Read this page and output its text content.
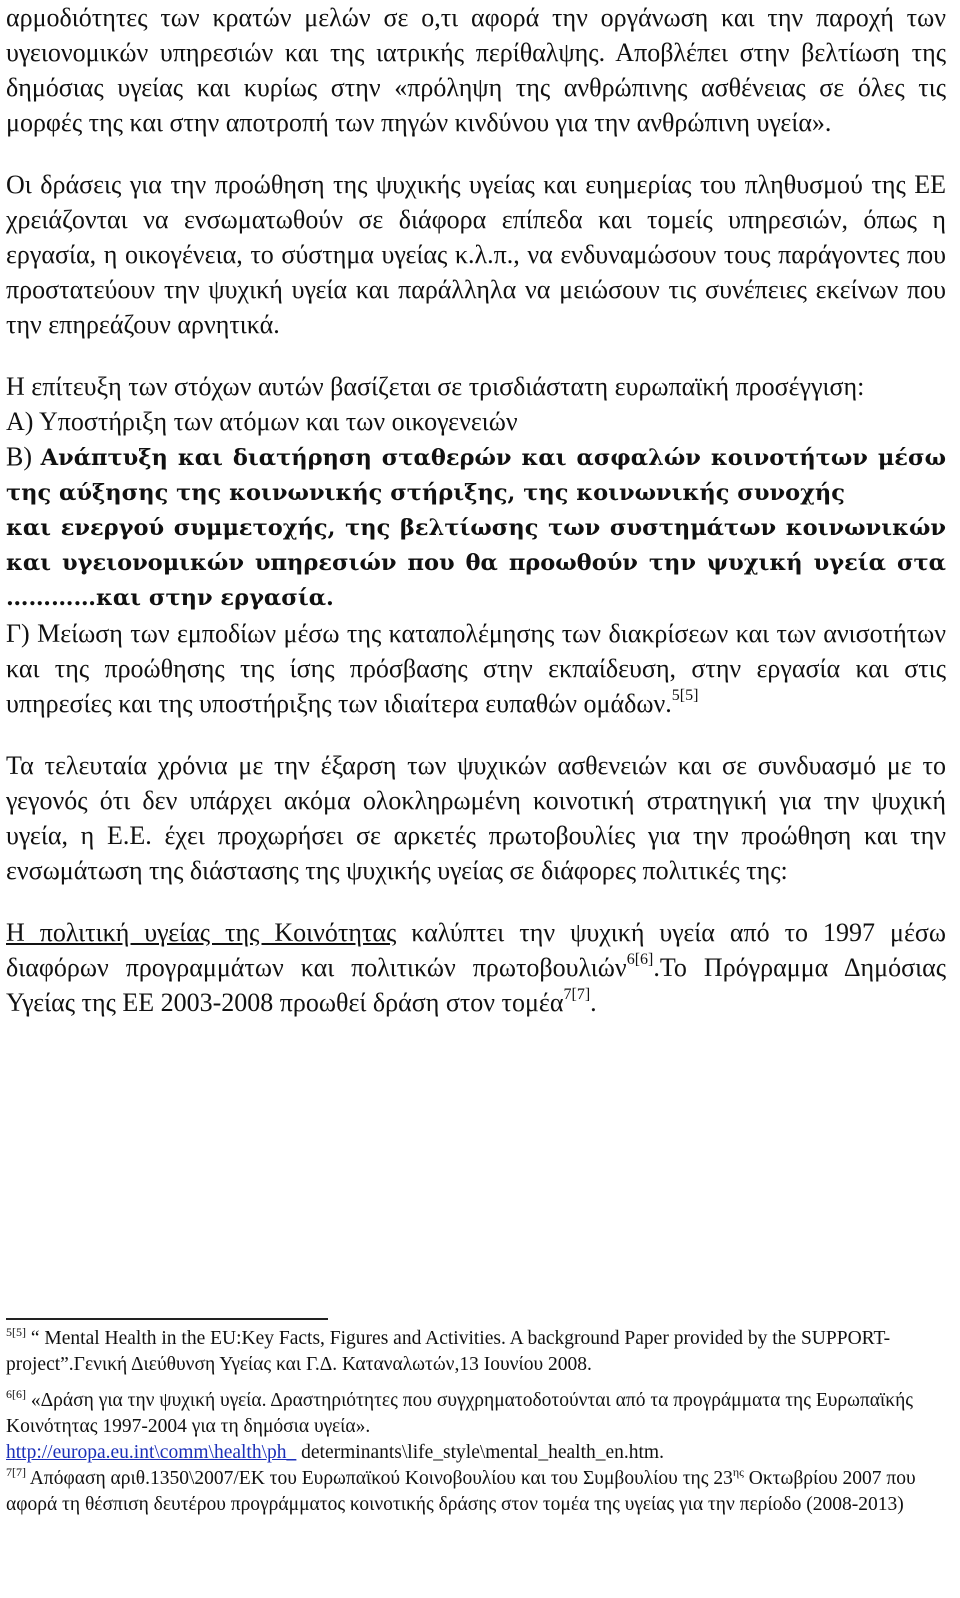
αρμοδιότητες των κρατών μελών σε ο,τι αφορά την οργάνωση και την παροχή των υγειονομικών υπηρεσιών και της ιατρικής περίθαλψης. Αποβλέπει στην βελτίωση της δημόσιας υγείας και κυρίως στην «πρόληψη της ανθρώπινης ασθένειας σε όλες τις μορφές της και στην αποτροπή των πηγών κινδύνου για την ανθρώπινη υγεία».

Οι δράσεις για την προώθηση της ψυχικής υγείας και ευημερίας του πληθυσμού της ΕΕ χρειάζονται να ενσωματωθούν σε διάφορα επίπεδα και τομείς υπηρεσιών, όπως η εργασία, η οικογένεια, το σύστημα υγείας κ.λ.π., να ενδυναμώσουν τους παράγοντες που προστατεύουν την ψυχική υγεία και παράλληλα να μειώσουν τις συνέπειες εκείνων που την επηρεάζουν αρνητικά.

Η επίτευξη των στόχων αυτών βασίζεται σε τρισδιάστατη ευρωπαϊκή προσέγγιση:

Α) Υποστήριξη των ατόμων και των οικογενειών

Β) Ανάπτυξη και διατήρηση σταθερών και ασφαλών κοινοτήτων μέσω της αύξησης της κοινωνικής στήριξης, της κοινωνικής συνοχής

και ενεργού συμμετοχής, της βελτίωσης των συστημάτων κοινωνικών και υγειονομικών υπηρεσιών που θα προωθούν την ψυχική υγεία στα …………και στην εργασία.

Γ) Μείωση των εμποδίων μέσω της καταπολέμησης των διακρίσεων και των ανισοτήτων και της προώθησης της ίσης πρόσβασης στην εκπαίδευση, στην εργασία και στις υπηρεσίες και της υποστήριξης των ιδιαίτερα ευπαθών ομάδων.$^{5[5]}$

Τα τελευταία χρόνια με την έξαρση των ψυχικών ασθενειών και σε συνδυασμό με το γεγονός ότι δεν υπάρχει ακόμα ολοκληρωμένη κοινοτική στρατηγική για την ψυχική υγεία, η Ε.Ε. έχει προχωρήσει σε αρκετές πρωτοβουλίες για την προώθηση και την ενσωμάτωση της διάστασης της ψυχικής υγείας σε διάφορες πολιτικές της:

Η πολιτική υγείας της Κοινότητας καλύπτει την ψυχική υγεία από το 1997 μέσω διαφόρων προγραμμάτων και πολιτικών πρωτοβουλιών$^{6[6]}$.Το Πρόγραμμα Δημόσιας Υγείας της ΕΕ 2003-2008 προωθεί δράση στον τομέα$^{7[7]}$.

$^{5[5]}$ “ Mental Health in the EU:Key Facts, Figures and Activities. A background Paper provided by the SUPPORT-project”.Γενική Διεύθυνση Υγείας και Γ.Δ. Καταναλωτών,13 Ιουνίου 2008.

$^{6[6]}$ «Δράση για την ψυχική υγεία. Δραστηριότητες που συγχρηματοδοτούνται από τα προγράμματα της Ευρωπαϊκής Κοινότητας 1997-2004 για τη δημόσια υγεία».
http://europa.eu.int\comm\health\ph_ determinants\life_style\mental_health_en.htm.

$^{7[7]}$ Απόφαση αριθ.1350\2007/ΕΚ του Ευρωπαϊκού Κοινοβουλίου και του Συμβουλίου της $23^{\eta\varsigma}$ Οκτωβρίου 2007 που αφορά τη θέσπιση δευτέρου προγράμματος κοινοτικής δράσης στον τομέα της υγείας για την περίοδο (2008-2013)
